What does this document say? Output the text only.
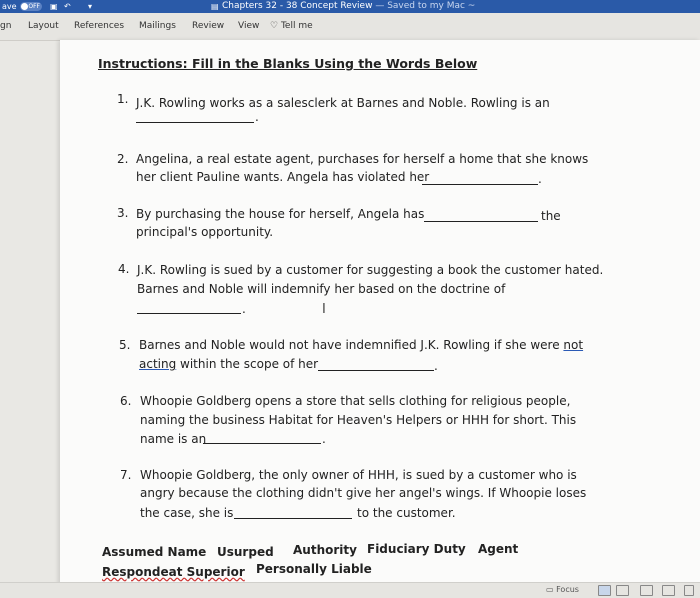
ave	OFF ▣ ↶ ▾	▤ Chapters 32 - 38 Concept Review — Saved to my Mac ~
gn Layout References Mailings Review View ♡ Tell me
Instructions: Fill in the Blanks Using the Words Below
1. J.K. Rowling works as a salesclerk at Barnes and Noble. Rowling is an
.
2. Angelina, a real estate agent, purchases for herself a home that she knows
her client Pauline wants. Angela has violated her	.
3. By purchasing the house for herself, Angela has	the
principal's opportunity.
4. J.K. Rowling is sued by a customer for suggesting a book the customer hated.
Barnes and Noble will indemnify her based on the doctrine of
.	I
5. Barnes and Noble would not have indemnified J.K. Rowling if she were not
acting within the scope of her	.
6. Whoopie Goldberg opens a store that sells clothing for religious people,
naming the business Habitat for Heaven's Helpers or HHH for short. This
name is an	.
7. Whoopie Goldberg, the only owner of HHH, is sued by a customer who is
angry because the clothing didn't give her angel's wings. If Whoopie loses
the case, she is	to the customer.
Assumed Name Usurped Authority Fiduciary Duty Agent
Respondeat Superior Personally Liable
▭ Focus
